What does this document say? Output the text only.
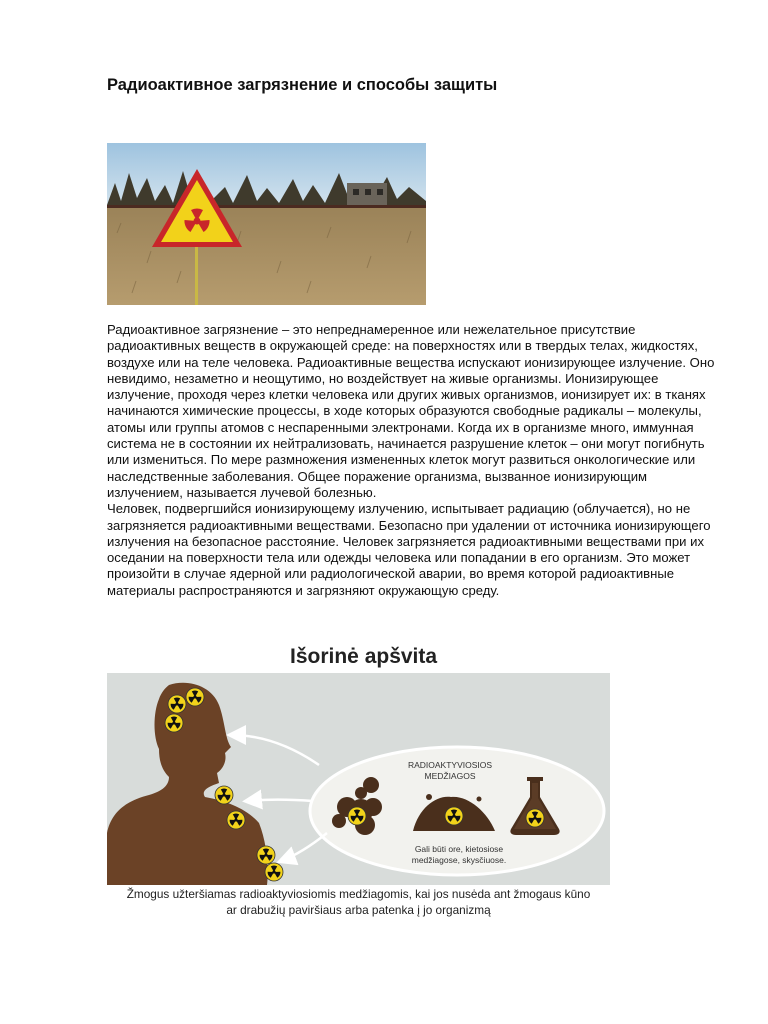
Радиоактивное загрязнение и способы защиты

Радиоактивное загрязнение – это непреднамеренное или нежелательное присутствие радиоактивных веществ в окружающей среде: на поверхностях или в твердых телах, жидкостях, воздухе или на теле человека. Радиоактивные вещества испускают ионизирующее излучение. Оно невидимо, незаметно и неощутимо, но воздействует на живые организмы. Ионизирующее излучение, проходя через клетки человека или других живых организмов, ионизирует их: в тканях начинаются химические процессы, в ходе которых образуются свободные радикалы – молекулы, атомы или группы атомов с неспаренными электронами. Когда их в организме много, иммунная система не в состоянии их нейтрализовать, начинается разрушение клеток – они могут погибнуть или измениться. По мере размножения измененных клеток могут развиться онкологические или наследственные заболевания. Общее поражение организма, вызванное ионизирующим излучением, называется лучевой болезнью.

Человек, подвергшийся ионизирующему излучению, испытывает радиацию (облучается), но не загрязняется радиоактивными веществами. Безопасно при удалении от источника ионизирующего излучения на безопасное расстояние. Человек загрязняется радиоактивными веществами при их оседании на поверхности тела или одежды человека или попадании в его организм. Это может произойти в случае ядерной или радиологической аварии, во время которой радиоактивные материалы распространяются и загрязняют окружающую среду.

Išorinė apšvita
RADIOAKTYVIOSIOS
MEDŽIAGOS
Gali būti ore, kietosiose
medžiagose, skysčiuose.
Žmogus užteršiamas radioaktyviosiomis medžiagomis, kai jos nusėda ant žmogaus kūno
ar drabužių paviršiaus arba patenka į jo organizmą
